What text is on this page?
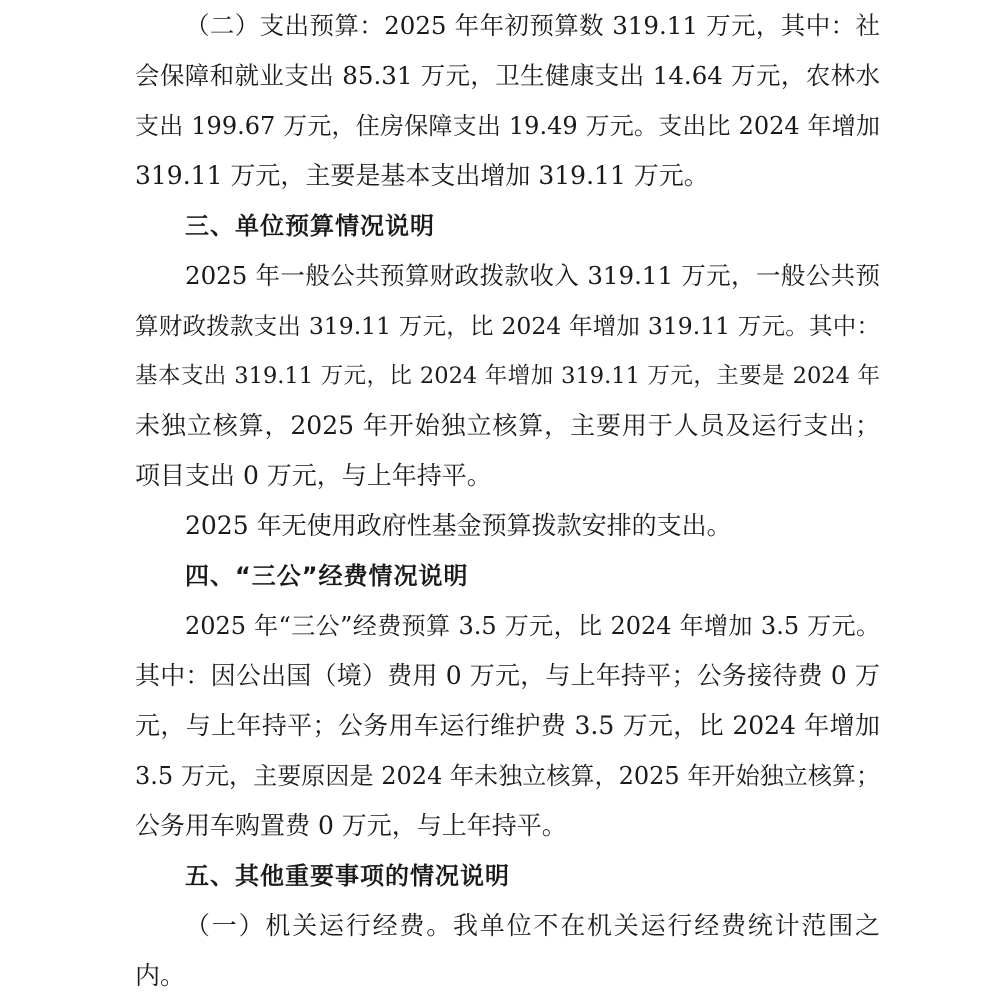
（二）支出预算：2025 年年初预算数 319.11 万元，其中：社
会保障和就业支出 85.31 万元，卫生健康支出 14.64 万元，农林水
支出 199.67 万元，住房保障支出 19.49 万元。支出比 2024 年增加
319.11 万元，主要是基本支出增加 319.11 万元。
三、单位预算情况说明
2025 年一般公共预算财政拨款收入 319.11 万元，一般公共预
算财政拨款支出 319.11 万元，比 2024 年增加 319.11 万元。其中：
基本支出 319.11 万元，比 2024 年增加 319.11 万元，主要是 2024 年
未独立核算，2025 年开始独立核算，主要用于人员及运行支出；
项目支出 0 万元，与上年持平。
2025 年无使用政府性基金预算拨款安排的支出。
四、“三公”经费情况说明
2025 年“三公”经费预算 3.5 万元，比 2024 年增加 3.5 万元。
其中：因公出国（境）费用 0 万元，与上年持平；公务接待费 0 万
元，与上年持平；公务用车运行维护费 3.5 万元，比 2024 年增加
3.5 万元，主要原因是 2024 年未独立核算，2025 年开始独立核算；
公务用车购置费 0 万元，与上年持平。
五、其他重要事项的情况说明
（一）机关运行经费。我单位不在机关运行经费统计范围之
内。
